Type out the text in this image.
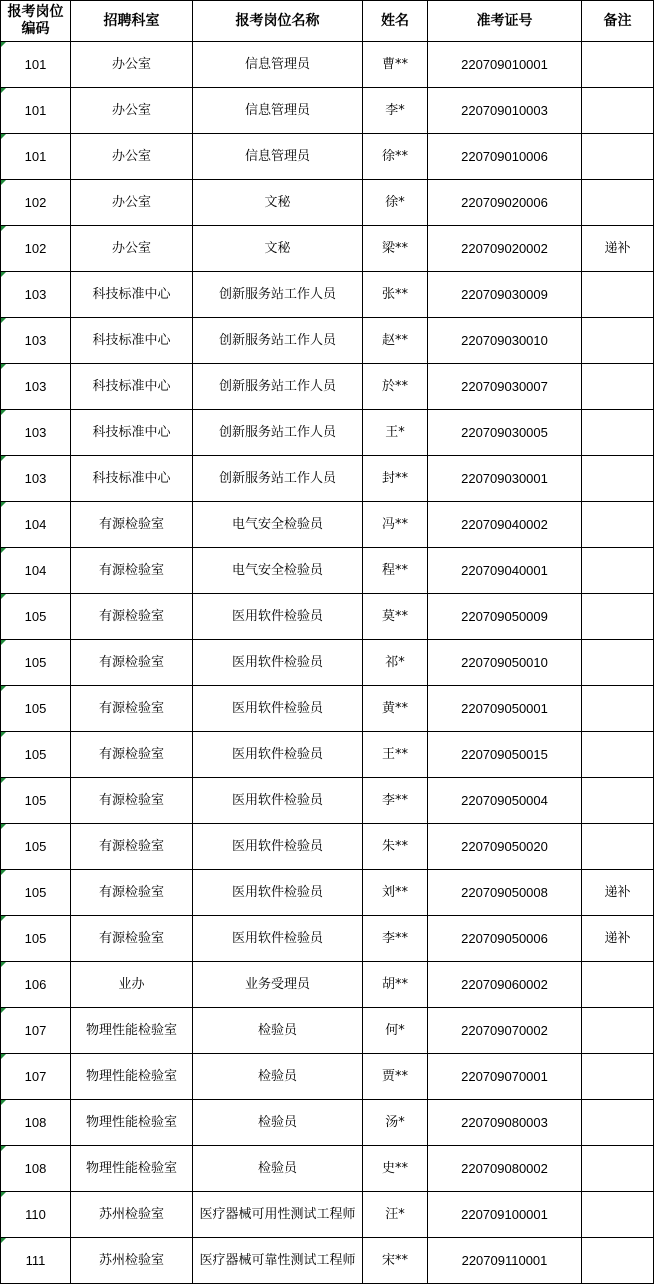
报考岗位编码	招聘科室	报考岗位名称	姓名	准考证号	备注
101	办公室	信息管理员	曹**	220709010001	
101	办公室	信息管理员	李*	220709010003	
101	办公室	信息管理员	徐**	220709010006	
102	办公室	文秘	徐*	220709020006	
102	办公室	文秘	梁**	220709020002	递补
103	科技标准中心	创新服务站工作人员	张**	220709030009	
103	科技标准中心	创新服务站工作人员	赵**	220709030010	
103	科技标准中心	创新服务站工作人员	於**	220709030007	
103	科技标准中心	创新服务站工作人员	王*	220709030005	
103	科技标准中心	创新服务站工作人员	封**	220709030001	
104	有源检验室	电气安全检验员	冯**	220709040002	
104	有源检验室	电气安全检验员	程**	220709040001	
105	有源检验室	医用软件检验员	莫**	220709050009	
105	有源检验室	医用软件检验员	祁*	220709050010	
105	有源检验室	医用软件检验员	黄**	220709050001	
105	有源检验室	医用软件检验员	王**	220709050015	
105	有源检验室	医用软件检验员	李**	220709050004	
105	有源检验室	医用软件检验员	朱**	220709050020	
105	有源检验室	医用软件检验员	刘**	220709050008	递补
105	有源检验室	医用软件检验员	李**	220709050006	递补
106	业办	业务受理员	胡**	220709060002	
107	物理性能检验室	检验员	何*	220709070002	
107	物理性能检验室	检验员	贾**	220709070001	
108	物理性能检验室	检验员	汤*	220709080003	
108	物理性能检验室	检验员	史**	220709080002	
110	苏州检验室	医疗器械可用性测试工程师	汪*	220709100001	
111	苏州检验室	医疗器械可靠性测试工程师	宋**	220709110001	
